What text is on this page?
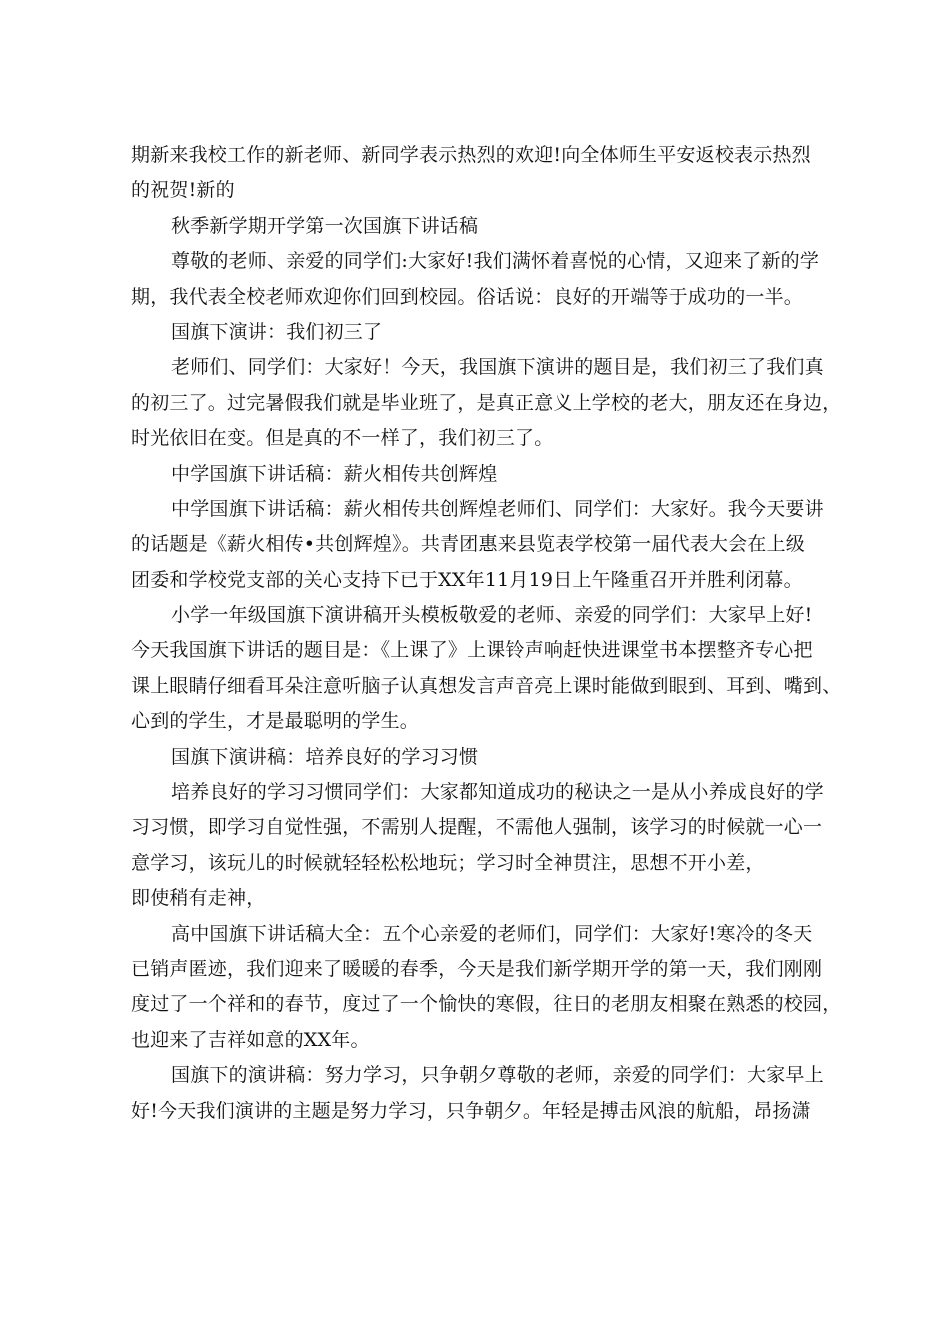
期新来我校工作的新老师、新同学表示热烈的欢迎!向全体师生平安返校表示热烈
的祝贺!新的
秋季新学期开学第一次国旗下讲话稿
尊敬的老师、亲爱的同学们:大家好!我们满怀着喜悦的心情，又迎来了新的学
期，我代表全校老师欢迎你们回到校园。俗话说：良好的开端等于成功的一半。
国旗下演讲：我们初三了
老师们、同学们：大家好！今天，我国旗下演讲的题目是，我们初三了我们真
的初三了。过完暑假我们就是毕业班了，是真正意义上学校的老大，朋友还在身边，
时光依旧在变。但是真的不一样了，我们初三了。
中学国旗下讲话稿：薪火相传共创辉煌
中学国旗下讲话稿：薪火相传共创辉煌老师们、同学们：大家好。我今天要讲
的话题是《薪火相传•共创辉煌》。共青团惠来县览表学校第一届代表大会在上级
团委和学校党支部的关心支持下已于XX年11月19日上午隆重召开并胜利闭幕。
小学一年级国旗下演讲稿开头模板敬爱的老师、亲爱的同学们：大家早上好!
今天我国旗下讲话的题目是：《上课了》上课铃声响赶快进课堂书本摆整齐专心把
课上眼睛仔细看耳朵注意听脑子认真想发言声音亮上课时能做到眼到、耳到、嘴到、
心到的学生，才是最聪明的学生。
国旗下演讲稿：培养良好的学习习惯
培养良好的学习习惯同学们：大家都知道成功的秘诀之一是从小养成良好的学
习习惯，即学习自觉性强，不需别人提醒，不需他人强制，该学习的时候就一心一
意学习，该玩儿的时候就轻轻松松地玩；学习时全神贯注，思想不开小差，
即使稍有走神，
高中国旗下讲话稿大全：五个心亲爱的老师们，同学们：大家好!寒冷的冬天
已销声匿迹，我们迎来了暖暖的春季，今天是我们新学期开学的第一天，我们刚刚
度过了一个祥和的春节，度过了一个愉快的寒假，往日的老朋友相聚在熟悉的校园，
也迎来了吉祥如意的XX年。
国旗下的演讲稿：努力学习，只争朝夕尊敬的老师，亲爱的同学们：大家早上
好!今天我们演讲的主题是努力学习，只争朝夕。年轻是搏击风浪的航船，昂扬潇
